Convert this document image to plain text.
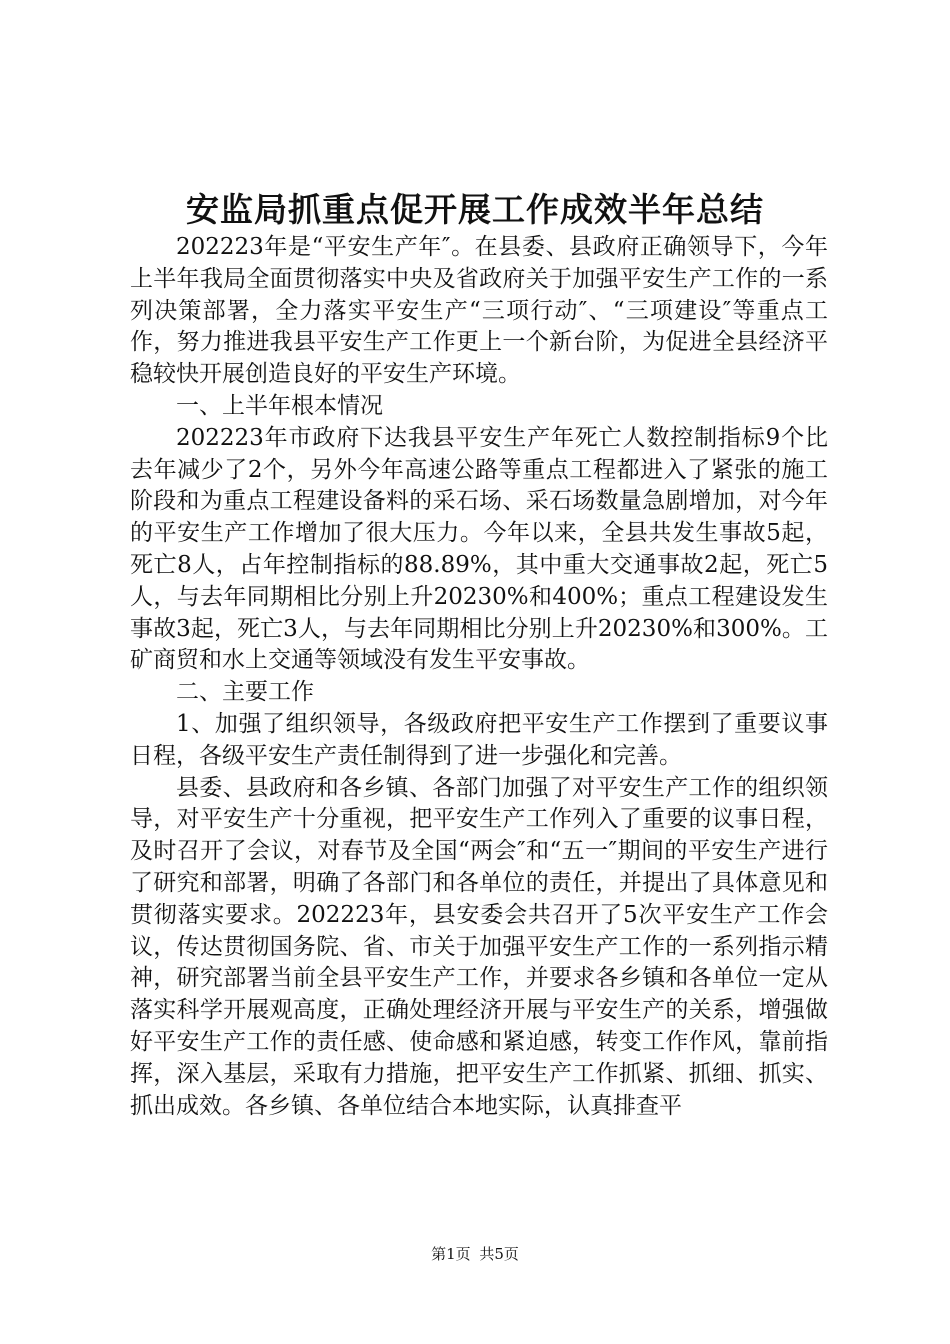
安监局抓重点促开展工作成效半年总结

202223年是“平安生产年″。在县委、县政府正确领导下，今年上半年我局全面贯彻落实中央及省政府关于加强平安生产工作的一系列决策部署，全力落实平安生产“三项行动″、“三项建设″等重点工作，努力推进我县平安生产工作更上一个新台阶，为促进全县经济平稳较快开展创造良好的平安生产环境。

一、上半年根本情况

202223年市政府下达我县平安生产年死亡人数控制指标9个比去年减少了2个，另外今年高速公路等重点工程都进入了紧张的施工阶段和为重点工程建设备料的采石场、采石场数量急剧增加，对今年的平安生产工作增加了很大压力。今年以来，全县共发生事故5起，死亡8人，占年控制指标的88.89%，其中重大交通事故2起，死亡5人，与去年同期相比分别上升20230%和400%；重点工程建设发生事故3起，死亡3人，与去年同期相比分别上升20230%和300%。工矿商贸和水上交通等领域没有发生平安事故。

二、主要工作

1、加强了组织领导，各级政府把平安生产工作摆到了重要议事日程，各级平安生产责任制得到了进一步强化和完善。

县委、县政府和各乡镇、各部门加强了对平安生产工作的组织领导，对平安生产十分重视，把平安生产工作列入了重要的议事日程，及时召开了会议，对春节及全国“两会″和“五一″期间的平安生产进行了研究和部署，明确了各部门和各单位的责任，并提出了具体意见和贯彻落实要求。202223年，县安委会共召开了5次平安生产工作会议，传达贯彻国务院、省、市关于加强平安生产工作的一系列指示精神，研究部署当前全县平安生产工作，并要求各乡镇和各单位一定从落实科学开展观高度，正确处理经济开展与平安生产的关系，增强做好平安生产工作的责任感、使命感和紧迫感，转变工作作风，靠前指挥，深入基层，采取有力措施，把平安生产工作抓紧、抓细、抓实、抓出成效。各乡镇、各单位结合本地实际，认真排查平

第1页 共5页
